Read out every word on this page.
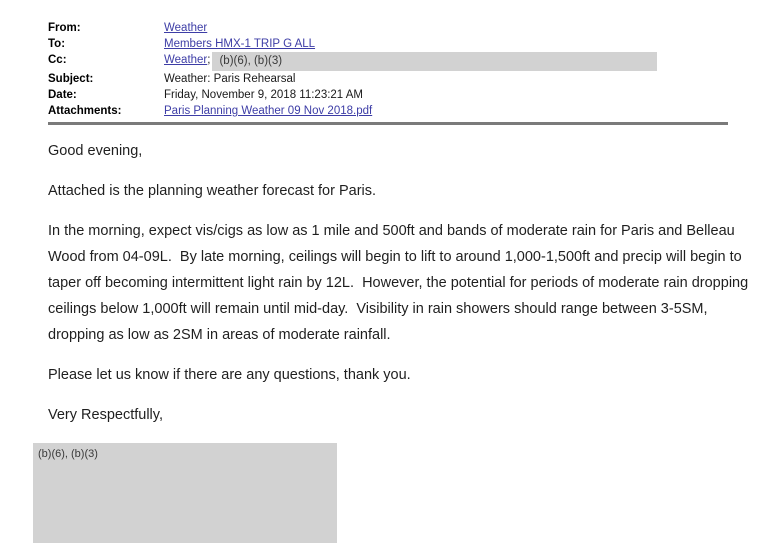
From:	Weather
To:	Members HMX-1 TRIP G ALL
Cc:	Weather; (b)(6), (b)(3)
Subject:	Weather: Paris Rehearsal
Date:	Friday, November 9, 2018 11:23:21 AM
Attachments:	Paris Planning Weather 09 Nov 2018.pdf

Good evening,

Attached is the planning weather forecast for Paris.

In the morning, expect vis/cigs as low as 1 mile and 500ft and bands of moderate rain for Paris and Belleau Wood from 04-09L.  By late morning, ceilings will begin to lift to around 1,000-1,500ft and precip will begin to taper off becoming intermittent light rain by 12L.  However, the potential for periods of moderate rain dropping ceilings below 1,000ft will remain until mid-day.  Visibility in rain showers should range between 3-5SM, dropping as low as 2SM in areas of moderate rainfall.

Please let us know if there are any questions, thank you.

Very Respectfully,

(b)(6), (b)(3)
